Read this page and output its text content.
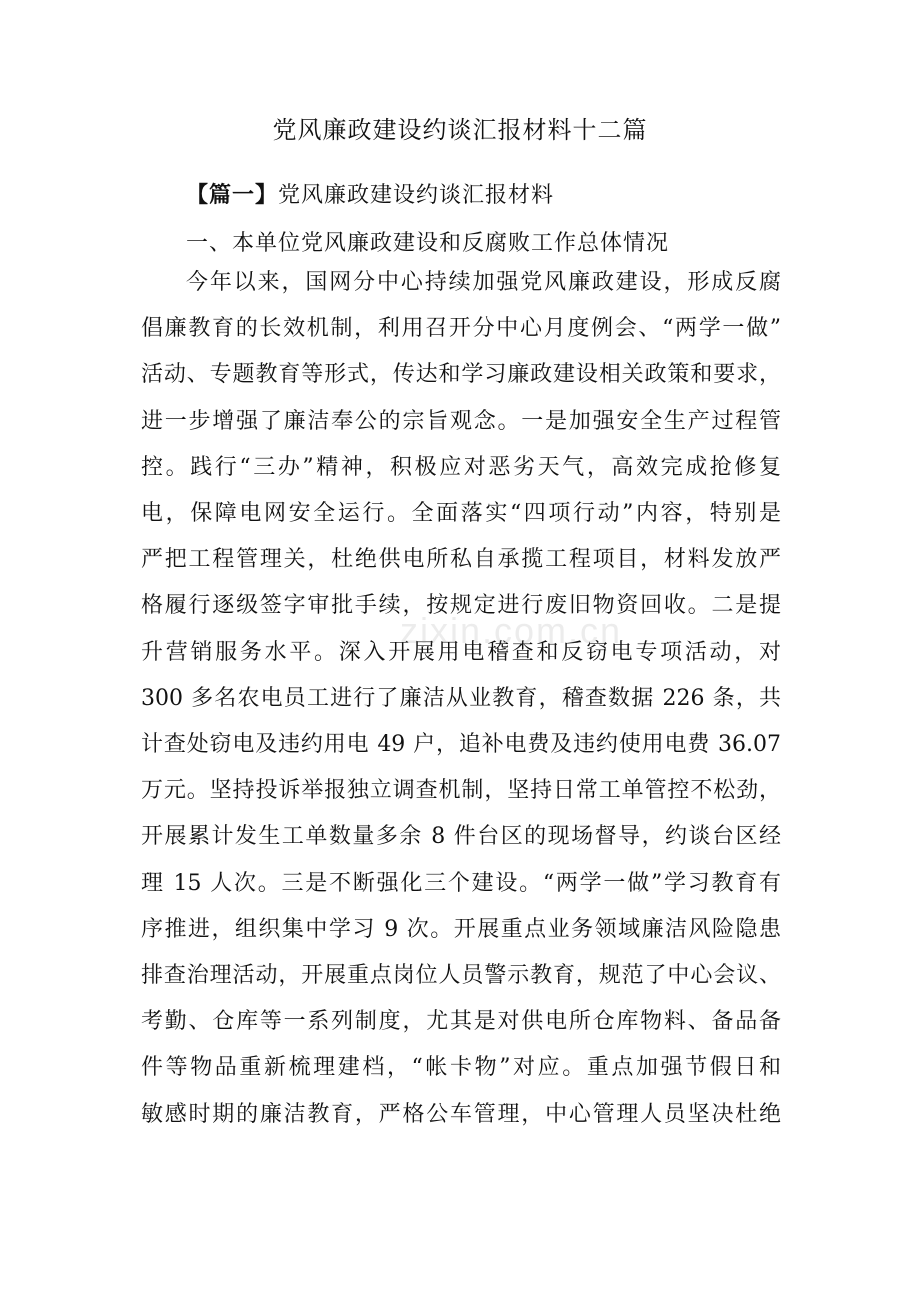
党风廉政建设约谈汇报材料十二篇
【篇一】党风廉政建设约谈汇报材料
一、本单位党风廉政建设和反腐败工作总体情况
今年以来，国网分中心持续加强党风廉政建设，形成反腐
倡廉教育的长效机制，利用召开分中心月度例会、“两学一做”
活动、专题教育等形式，传达和学习廉政建设相关政策和要求，
进一步增强了廉洁奉公的宗旨观念。一是加强安全生产过程管
控。践行“三办”精神，积极应对恶劣天气，高效完成抢修复
电，保障电网安全运行。全面落实“四项行动”内容，特别是
严把工程管理关，杜绝供电所私自承揽工程项目，材料发放严
格履行逐级签字审批手续，按规定进行废旧物资回收。二是提
升营销服务水平。深入开展用电稽查和反窃电专项活动，对
300 多名农电员工进行了廉洁从业教育，稽查数据 226 条，共
计查处窃电及违约用电 49 户，追补电费及违约使用电费 36.07
万元。坚持投诉举报独立调查机制，坚持日常工单管控不松劲，
开展累计发生工单数量多余 8 件台区的现场督导，约谈台区经
理 15 人次。三是不断强化三个建设。“两学一做”学习教育有
序推进，组织集中学习 9 次。开展重点业务领域廉洁风险隐患
排查治理活动，开展重点岗位人员警示教育，规范了中心会议、
考勤、仓库等一系列制度，尤其是对供电所仓库物料、备品备
件等物品重新梳理建档，“帐卡物”对应。重点加强节假日和
敏感时期的廉洁教育，严格公车管理，中心管理人员坚决杜绝
zixin.com.cn
